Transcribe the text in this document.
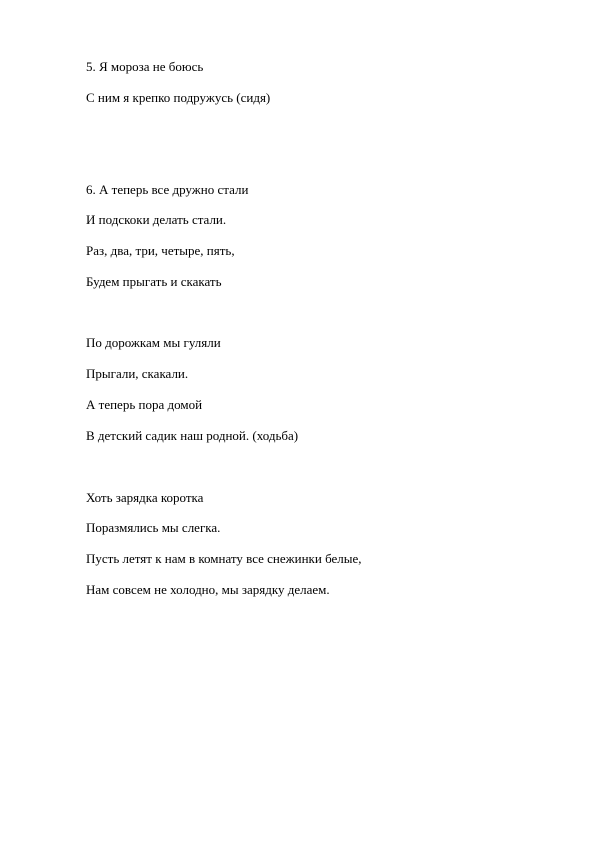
5. Я мороза не боюсь

С ним я крепко подружусь (сидя)

6. А теперь все дружно стали

И подскоки делать стали.

Раз, два, три, четыре, пять,

Будем прыгать и скакать

По дорожкам мы гуляли

Прыгали, скакали.

А теперь пора домой

В детский садик наш родной. (ходьба)

Хоть зарядка коротка

Поразмялись мы слегка.

Пусть летят к нам в комнату все снежинки белые,

Нам совсем не холодно, мы зарядку делаем.
